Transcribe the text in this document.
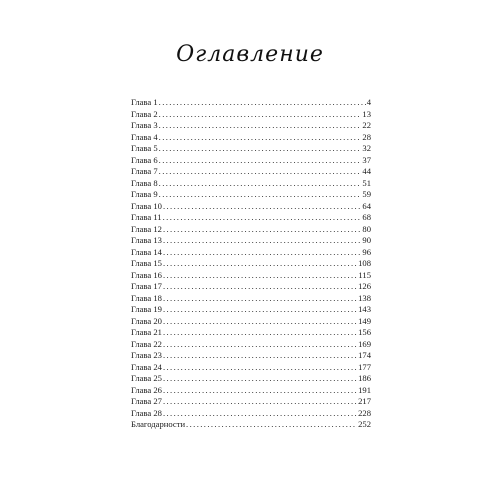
Оглавление
Глава 1 .....	4
Глава 2 .....	13
Глава 3 .....	22
Глава 4 .....	28
Глава 5 .....	32
Глава 6 .....	37
Глава 7 .....	44
Глава 8 .....	51
Глава 9 .....	59
Глава 10 .....	64
Глава 11 .....	68
Глава 12 .....	80
Глава 13 .....	90
Глава 14 .....	96
Глава 15 .....	108
Глава 16 .....	115
Глава 17 .....	126
Глава 18 .....	138
Глава 19 .....	143
Глава 20 .....	149
Глава 21 .....	156
Глава 22 .....	169
Глава 23 .....	174
Глава 24 .....	177
Глава 25 .....	186
Глава 26 .....	191
Глава 27 .....	217
Глава 28 .....	228
Благодарности .....	252
